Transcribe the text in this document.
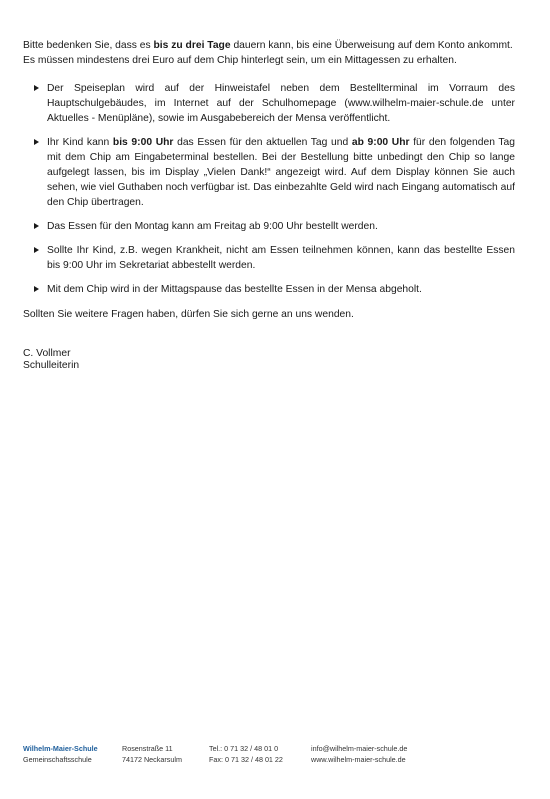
Bitte bedenken Sie, dass es bis zu drei Tage dauern kann, bis eine Überweisung auf dem Konto ankommt. Es müssen mindestens drei Euro auf dem Chip hinterlegt sein, um ein Mittagessen zu erhalten.

Der Speiseplan wird auf der Hinweistafel neben dem Bestellterminal im Vorraum des Hauptschulgebäudes, im Internet auf der Schulhomepage (www.wilhelm-maier-schule.de unter Aktuelles - Menüpläne), sowie im Ausgabebereich der Mensa veröffentlicht.
Ihr Kind kann bis 9:00 Uhr das Essen für den aktuellen Tag und ab 9:00 Uhr für den folgenden Tag mit dem Chip am Eingabeterminal bestellen. Bei der Bestellung bitte unbedingt den Chip so lange aufgelegt lassen, bis im Display „Vielen Dank!“ angezeigt wird. Auf dem Display können Sie auch sehen, wie viel Guthaben noch verfügbar ist. Das einbezahlte Geld wird nach Eingang automatisch auf den Chip übertragen.
Das Essen für den Montag kann am Freitag ab 9:00 Uhr bestellt werden.
Sollte Ihr Kind, z.B. wegen Krankheit, nicht am Essen teilnehmen können, kann das bestellte Essen bis 9:00 Uhr im Sekretariat abbestellt werden.
Mit dem Chip wird in der Mittagspause das bestellte Essen in der Mensa abgeholt.

Sollten Sie weitere Fragen haben, dürfen Sie sich gerne an uns wenden.

C. Vollmer
Schulleiterin
Wilhelm-Maier-Schule
Gemeinschaftsschule
Rosenstraße 11
74172 Neckarsulm
Tel.: 0 71 32 / 48 01 0
Fax: 0 71 32 / 48 01 22
info@wilhelm-maier-schule.de
www.wilhelm-maier-schule.de
